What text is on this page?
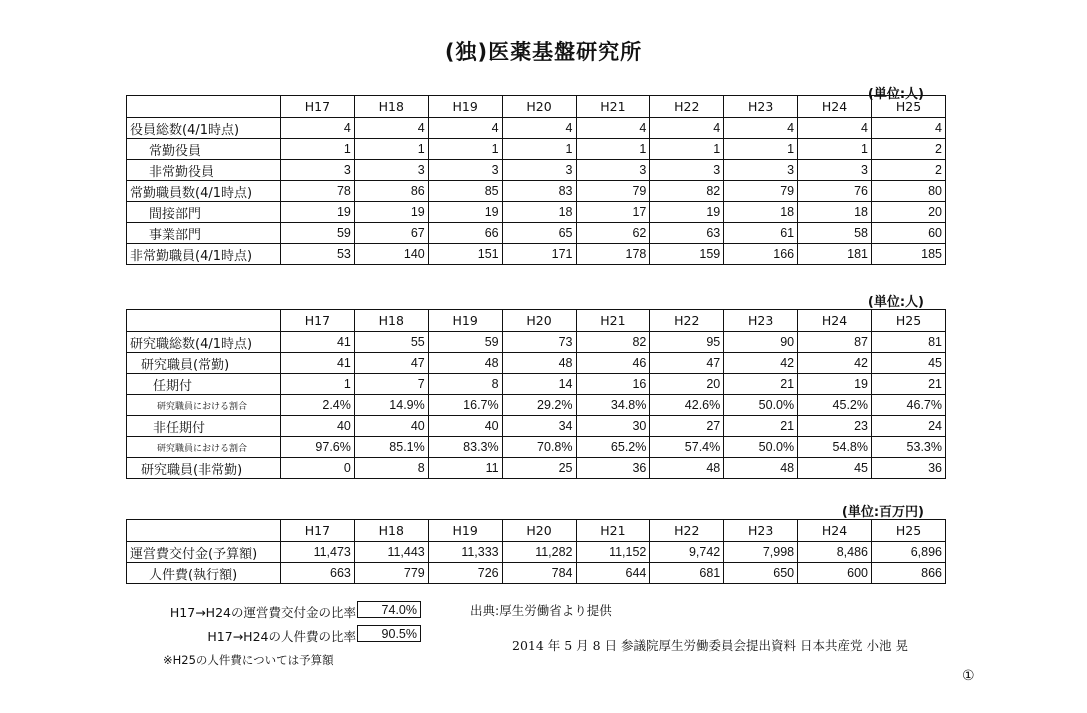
(独)医薬基盤研究所
(単位:人)
	H17	H18	H19	H20	H21	H22	H23	H24	H25
役員総数(4/1時点)	4	4	4	4	4	4	4	4	4
常勤役員	1	1	1	1	1	1	1	1	2
非常勤役員	3	3	3	3	3	3	3	3	2
常勤職員数(4/1時点)	78	86	85	83	79	82	79	76	80
間接部門	19	19	19	18	17	19	18	18	20
事業部門	59	67	66	65	62	63	61	58	60
非常勤職員(4/1時点)	53	140	151	171	178	159	166	181	185
(単位:人)
	H17	H18	H19	H20	H21	H22	H23	H24	H25
研究職総数(4/1時点)	41	55	59	73	82	95	90	87	81
研究職員(常勤)	41	47	48	48	46	47	42	42	45
任期付	1	7	8	14	16	20	21	19	21
研究職員における割合	2.4%	14.9%	16.7%	29.2%	34.8%	42.6%	50.0%	45.2%	46.7%
非任期付	40	40	40	34	30	27	21	23	24
研究職員における割合	97.6%	85.1%	83.3%	70.8%	65.2%	57.4%	50.0%	54.8%	53.3%
研究職員(非常勤)	0	8	11	25	36	48	48	45	36
(単位:百万円)
	H17	H18	H19	H20	H21	H22	H23	H24	H25
運営費交付金(予算額)	11,473	11,443	11,333	11,282	11,152	9,742	7,998	8,486	6,896
人件費(執行額)	663	779	726	784	644	681	650	600	866
H17→H24の運営費交付金の比率	74.0%
H17→H24の人件費の比率	90.5%
※H25の人件費については予算額
出典:厚生労働省より提供
2014 年 5 月 8 日 参議院厚生労働委員会提出資料 日本共産党 小池 晃
①
